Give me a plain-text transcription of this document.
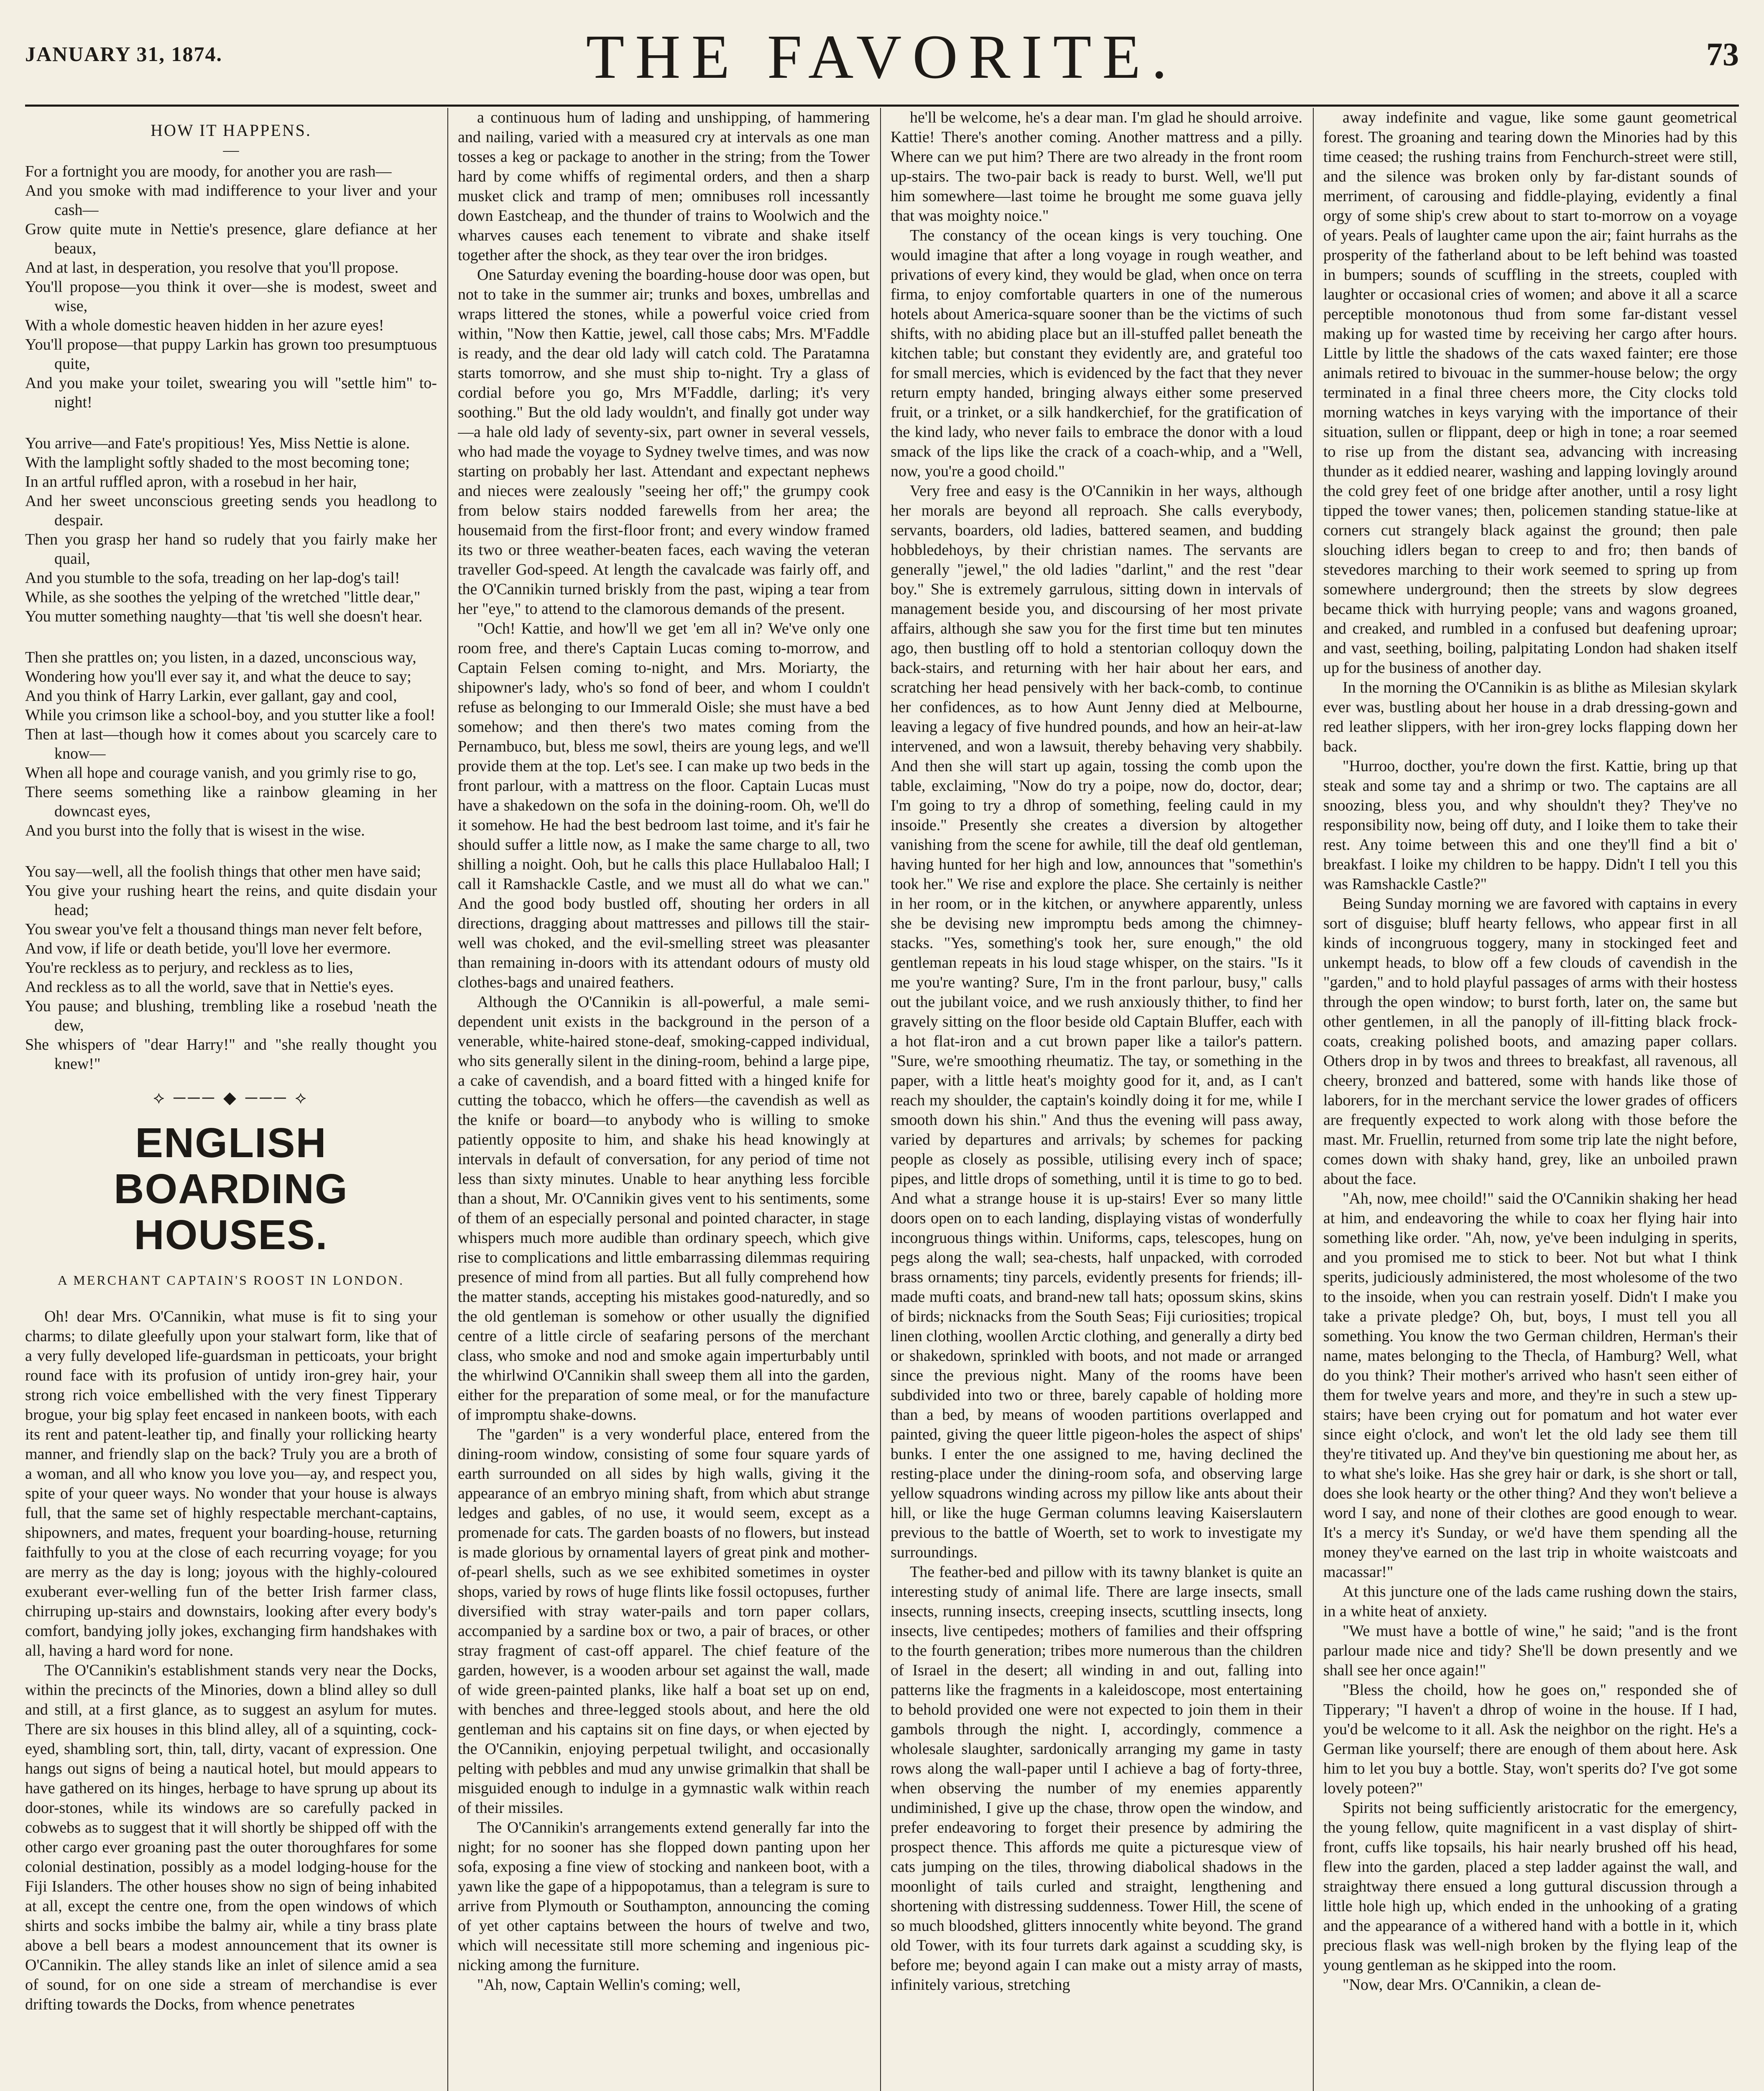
JANUARY 31, 1874.	THE FAVORITE.	73
HOW IT HAPPENS.
—
For a fortnight you are moody, for another you are rash—
And you smoke with mad indifference to your liver and your cash—
Grow quite mute in Nettie's presence, glare defiance at her beaux,
And at last, in desperation, you resolve that you'll propose.
You'll propose—you think it over—she is modest, sweet and wise,
With a whole domestic heaven hidden in her azure eyes!
You'll propose—that puppy Larkin has grown too presumptuous quite,
And you make your toilet, swearing you will "settle him" to-night!
You arrive—and Fate's propitious! Yes, Miss Nettie is alone.
With the lamplight softly shaded to the most becoming tone;
In an artful ruffled apron, with a rosebud in her hair,
And her sweet unconscious greeting sends you headlong to despair.
Then you grasp her hand so rudely that you fairly make her quail,
And you stumble to the sofa, treading on her lap-dog's tail!
While, as she soothes the yelping of the wretched "little dear,"
You mutter something naughty—that 'tis well she doesn't hear.
Then she prattles on; you listen, in a dazed, unconscious way,
Wondering how you'll ever say it, and what the deuce to say;
And you think of Harry Larkin, ever gallant, gay and cool,
While you crimson like a school-boy, and you stutter like a fool!
Then at last—though how it comes about you scarcely care to know—
When all hope and courage vanish, and you grimly rise to go,
There seems something like a rainbow gleaming in her downcast eyes,
And you burst into the folly that is wisest in the wise.
You say—well, all the foolish things that other men have said;
You give your rushing heart the reins, and quite disdain your head;
You swear you've felt a thousand things man never felt before,
And vow, if life or death betide, you'll love her evermore.
You're reckless as to perjury, and reckless as to lies,
And reckless as to all the world, save that in Nettie's eyes.
You pause; and blushing, trembling like a rosebud 'neath the dew,
She whispers of "dear Harry!" and "she really thought you knew!"
⟡ ─── ◆ ─── ⟡
ENGLISH BOARDING HOUSES.
A MERCHANT CAPTAIN'S ROOST IN LONDON.

Oh! dear Mrs. O'Cannikin, what muse is fit to sing your charms; to dilate gleefully upon your stalwart form, like that of a very fully developed life-guardsman in petticoats, your bright round face with its profusion of untidy iron-grey hair, your strong rich voice embellished with the very finest Tipperary brogue, your big splay feet encased in nankeen boots, with each its rent and patent-leather tip, and finally your rollicking hearty manner, and friendly slap on the back? Truly you are a broth of a woman, and all who know you love you—ay, and respect you, spite of your queer ways. No wonder that your house is always full, that the same set of highly respectable merchant-captains, shipowners, and mates, frequent your boarding-house, returning faithfully to you at the close of each recurring voyage; for you are merry as the day is long; joyous with the highly-coloured exuberant ever-welling fun of the better Irish farmer class, chirruping up-stairs and downstairs, looking after every body's comfort, bandying jolly jokes, exchanging firm handshakes with all, having a hard word for none.

The O'Cannikin's establishment stands very near the Docks, within the precincts of the Minories, down a blind alley so dull and still, at a first glance, as to suggest an asylum for mutes. There are six houses in this blind alley, all of a squinting, cock-eyed, shambling sort, thin, tall, dirty, vacant of expression. One hangs out signs of being a nautical hotel, but mould appears to have gathered on its hinges, herbage to have sprung up about its door-stones, while its windows are so carefully packed in cobwebs as to suggest that it will shortly be shipped off with the other cargo ever groaning past the outer thoroughfares for some colonial destination, possibly as a model lodging-house for the Fiji Islanders. The other houses show no sign of being inhabited at all, except the centre one, from the open windows of which shirts and socks imbibe the balmy air, while a tiny brass plate above a bell bears a modest announcement that its owner is O'Cannikin. The alley stands like an inlet of silence amid a sea of sound, for on one side a stream of merchandise is ever drifting towards the Docks, from whence penetrates

a continuous hum of lading and unshipping, of hammering and nailing, varied with a measured cry at intervals as one man tosses a keg or package to another in the string; from the Tower hard by come whiffs of regimental orders, and then a sharp musket click and tramp of men; omnibuses roll incessantly down Eastcheap, and the thunder of trains to Woolwich and the wharves causes each tenement to vibrate and shake itself together after the shock, as they tear over the iron bridges.

One Saturday evening the boarding-house door was open, but not to take in the summer air; trunks and boxes, umbrellas and wraps littered the stones, while a powerful voice cried from within, "Now then Kattie, jewel, call those cabs; Mrs. M'Faddle is ready, and the dear old lady will catch cold. The Paratamna starts tomorrow, and she must ship to-night. Try a glass of cordial before you go, Mrs M'Faddle, darling; it's very soothing." But the old lady wouldn't, and finally got under way—a hale old lady of seventy-six, part owner in several vessels, who had made the voyage to Sydney twelve times, and was now starting on probably her last. Attendant and expectant nephews and nieces were zealously "seeing her off;" the grumpy cook from below stairs nodded farewells from her area; the housemaid from the first-floor front; and every window framed its two or three weather-beaten faces, each waving the veteran traveller God-speed. At length the cavalcade was fairly off, and the O'Cannikin turned briskly from the past, wiping a tear from her "eye," to attend to the clamorous demands of the present.

"Och! Kattie, and how'll we get 'em all in? We've only one room free, and there's Captain Lucas coming to-morrow, and Captain Felsen coming to-night, and Mrs. Moriarty, the shipowner's lady, who's so fond of beer, and whom I couldn't refuse as belonging to our Immerald Oisle; she must have a bed somehow; and then there's two mates coming from the Pernambuco, but, bless me sowl, theirs are young legs, and we'll provide them at the top. Let's see. I can make up two beds in the front parlour, with a mattress on the floor. Captain Lucas must have a shakedown on the sofa in the doining-room. Oh, we'll do it somehow. He had the best bedroom last toime, and it's fair he should suffer a little now, as I make the same charge to all, two shilling a noight. Ooh, but he calls this place Hullabaloo Hall; I call it Ramshackle Castle, and we must all do what we can." And the good body bustled off, shouting her orders in all directions, dragging about mattresses and pillows till the stair-well was choked, and the evil-smelling street was pleasanter than remaining in-doors with its attendant odours of musty old clothes-bags and unaired feathers.

Although the O'Cannikin is all-powerful, a male semi-dependent unit exists in the background in the person of a venerable, white-haired stone-deaf, smoking-capped individual, who sits generally silent in the dining-room, behind a large pipe, a cake of cavendish, and a board fitted with a hinged knife for cutting the tobacco, which he offers—the cavendish as well as the knife or board—to anybody who is willing to smoke patiently opposite to him, and shake his head knowingly at intervals in default of conversation, for any period of time not less than sixty minutes. Unable to hear anything less forcible than a shout, Mr. O'Cannikin gives vent to his sentiments, some of them of an especially personal and pointed character, in stage whispers much more audible than ordinary speech, which give rise to complications and little embarrassing dilemmas requiring presence of mind from all parties. But all fully comprehend how the matter stands, accepting his mistakes good-naturedly, and so the old gentleman is somehow or other usually the dignified centre of a little circle of seafaring persons of the merchant class, who smoke and nod and smoke again imperturbably until the whirlwind O'Cannikin shall sweep them all into the garden, either for the preparation of some meal, or for the manufacture of impromptu shake-downs.

The "garden" is a very wonderful place, entered from the dining-room window, consisting of some four square yards of earth surrounded on all sides by high walls, giving it the appearance of an embryo mining shaft, from which abut strange ledges and gables, of no use, it would seem, except as a promenade for cats. The garden boasts of no flowers, but instead is made glorious by ornamental layers of great pink and mother-of-pearl shells, such as we see exhibited sometimes in oyster shops, varied by rows of huge flints like fossil octopuses, further diversified with stray water-pails and torn paper collars, accompanied by a sardine box or two, a pair of braces, or other stray fragment of cast-off apparel. The chief feature of the garden, however, is a wooden arbour set against the wall, made of wide green-painted planks, like half a boat set up on end, with benches and three-legged stools about, and here the old gentleman and his captains sit on fine days, or when ejected by the O'Cannikin, enjoying perpetual twilight, and occasionally pelting with pebbles and mud any unwise grimalkin that shall be misguided enough to indulge in a gymnastic walk within reach of their missiles.

The O'Cannikin's arrangements extend generally far into the night; for no sooner has she flopped down panting upon her sofa, exposing a fine view of stocking and nankeen boot, with a yawn like the gape of a hippopotamus, than a telegram is sure to arrive from Plymouth or Southampton, announcing the coming of yet other captains between the hours of twelve and two, which will necessitate still more scheming and ingenious pic-nicking among the furniture.

"Ah, now, Captain Wellin's coming; well,

he'll be welcome, he's a dear man. I'm glad he should arroive. Kattie! There's another coming. Another mattress and a pilly. Where can we put him? There are two already in the front room up-stairs. The two-pair back is ready to burst. Well, we'll put him somewhere—last toime he brought me some guava jelly that was moighty noice."

The constancy of the ocean kings is very touching. One would imagine that after a long voyage in rough weather, and privations of every kind, they would be glad, when once on terra firma, to enjoy comfortable quarters in one of the numerous hotels about America-square sooner than be the victims of such shifts, with no abiding place but an ill-stuffed pallet beneath the kitchen table; but constant they evidently are, and grateful too for small mercies, which is evidenced by the fact that they never return empty handed, bringing always either some preserved fruit, or a trinket, or a silk handkerchief, for the gratification of the kind lady, who never fails to embrace the donor with a loud smack of the lips like the crack of a coach-whip, and a "Well, now, you're a good choild."

Very free and easy is the O'Cannikin in her ways, although her morals are beyond all reproach. She calls everybody, servants, boarders, old ladies, battered seamen, and budding hobbledehoys, by their christian names. The servants are generally "jewel," the old ladies "darlint," and the rest "dear boy." She is extremely garrulous, sitting down in intervals of management beside you, and discoursing of her most private affairs, although she saw you for the first time but ten minutes ago, then bustling off to hold a stentorian colloquy down the back-stairs, and returning with her hair about her ears, and scratching her head pensively with her back-comb, to continue her confidences, as to how Aunt Jenny died at Melbourne, leaving a legacy of five hundred pounds, and how an heir-at-law intervened, and won a lawsuit, thereby behaving very shabbily. And then she will start up again, tossing the comb upon the table, exclaiming, "Now do try a poipe, now do, doctor, dear; I'm going to try a dhrop of something, feeling cauld in my insoide." Presently she creates a diversion by altogether vanishing from the scene for awhile, till the deaf old gentleman, having hunted for her high and low, announces that "somethin's took her." We rise and explore the place. She certainly is neither in her room, or in the kitchen, or anywhere apparently, unless she be devising new impromptu beds among the chimney-stacks. "Yes, something's took her, sure enough," the old gentleman repeats in his loud stage whisper, on the stairs. "Is it me you're wanting? Sure, I'm in the front parlour, busy," calls out the jubilant voice, and we rush anxiously thither, to find her gravely sitting on the floor beside old Captain Bluffer, each with a hot flat-iron and a cut brown paper like a tailor's pattern. "Sure, we're smoothing rheumatiz. The tay, or something in the paper, with a little heat's moighty good for it, and, as I can't reach my shoulder, the captain's koindly doing it for me, while I smooth down his shin." And thus the evening will pass away, varied by departures and arrivals; by schemes for packing people as closely as possible, utilising every inch of space; pipes, and little drops of something, until it is time to go to bed. And what a strange house it is up-stairs! Ever so many little doors open on to each landing, displaying vistas of wonderfully incongruous things within. Uniforms, caps, telescopes, hung on pegs along the wall; sea-chests, half unpacked, with corroded brass ornaments; tiny parcels, evidently presents for friends; ill-made mufti coats, and brand-new tall hats; opossum skins, skins of birds; nicknacks from the South Seas; Fiji curiosities; tropical linen clothing, woollen Arctic clothing, and generally a dirty bed or shakedown, sprinkled with boots, and not made or arranged since the previous night. Many of the rooms have been subdivided into two or three, barely capable of holding more than a bed, by means of wooden partitions overlapped and painted, giving the queer little pigeon-holes the aspect of ships' bunks. I enter the one assigned to me, having declined the resting-place under the dining-room sofa, and observing large yellow squadrons winding across my pillow like ants about their hill, or like the huge German columns leaving Kaiserslautern previous to the battle of Woerth, set to work to investigate my surroundings.

The feather-bed and pillow with its tawny blanket is quite an interesting study of animal life. There are large insects, small insects, running insects, creeping insects, scuttling insects, long insects, live centipedes; mothers of families and their offspring to the fourth generation; tribes more numerous than the children of Israel in the desert; all winding in and out, falling into patterns like the fragments in a kaleidoscope, most entertaining to behold provided one were not expected to join them in their gambols through the night. I, accordingly, commence a wholesale slaughter, sardonically arranging my game in tasty rows along the wall-paper until I achieve a bag of forty-three, when observing the number of my enemies apparently undiminished, I give up the chase, throw open the window, and prefer endeavoring to forget their presence by admiring the prospect thence. This affords me quite a picturesque view of cats jumping on the tiles, throwing diabolical shadows in the moonlight of tails curled and straight, lengthening and shortening with distressing suddenness. Tower Hill, the scene of so much bloodshed, glitters innocently white beyond. The grand old Tower, with its four turrets dark against a scudding sky, is before me; beyond again I can make out a misty array of masts, infinitely various, stretching

away indefinite and vague, like some gaunt geometrical forest. The groaning and tearing down the Minories had by this time ceased; the rushing trains from Fenchurch-street were still, and the silence was broken only by far-distant sounds of merriment, of carousing and fiddle-playing, evidently a final orgy of some ship's crew about to start to-morrow on a voyage of years. Peals of laughter came upon the air; faint hurrahs as the prosperity of the fatherland about to be left behind was toasted in bumpers; sounds of scuffling in the streets, coupled with laughter or occasional cries of women; and above it all a scarce perceptible monotonous thud from some far-distant vessel making up for wasted time by receiving her cargo after hours. Little by little the shadows of the cats waxed fainter; ere those animals retired to bivouac in the summer-house below; the orgy terminated in a final three cheers more, the City clocks told morning watches in keys varying with the importance of their situation, sullen or flippant, deep or high in tone; a roar seemed to rise up from the distant sea, advancing with increasing thunder as it eddied nearer, washing and lapping lovingly around the cold grey feet of one bridge after another, until a rosy light tipped the tower vanes; then, policemen standing statue-like at corners cut strangely black against the ground; then pale slouching idlers began to creep to and fro; then bands of stevedores marching to their work seemed to spring up from somewhere underground; then the streets by slow degrees became thick with hurrying people; vans and wagons groaned, and creaked, and rumbled in a confused but deafening uproar; and vast, seething, boiling, palpitating London had shaken itself up for the business of another day.

In the morning the O'Cannikin is as blithe as Milesian skylark ever was, bustling about her house in a drab dressing-gown and red leather slippers, with her iron-grey locks flapping down her back.

"Hurroo, docther, you're down the first. Kattie, bring up that steak and some tay and a shrimp or two. The captains are all snoozing, bless you, and why shouldn't they? They've no responsibility now, being off duty, and I loike them to take their rest. Any toime between this and one they'll find a bit o' breakfast. I loike my children to be happy. Didn't I tell you this was Ramshackle Castle?"

Being Sunday morning we are favored with captains in every sort of disguise; bluff hearty fellows, who appear first in all kinds of incongruous toggery, many in stockinged feet and unkempt heads, to blow off a few clouds of cavendish in the "garden," and to hold playful passages of arms with their hostess through the open window; to burst forth, later on, the same but other gentlemen, in all the panoply of ill-fitting black frock-coats, creaking polished boots, and amazing paper collars. Others drop in by twos and threes to breakfast, all ravenous, all cheery, bronzed and battered, some with hands like those of laborers, for in the merchant service the lower grades of officers are frequently expected to work along with those before the mast. Mr. Fruellin, returned from some trip late the night before, comes down with shaky hand, grey, like an unboiled prawn about the face.

"Ah, now, mee choild!" said the O'Cannikin shaking her head at him, and endeavoring the while to coax her flying hair into something like order. "Ah, now, ye've been indulging in sperits, and you promised me to stick to beer. Not but what I think sperits, judiciously administered, the most wholesome of the two to the insoide, when you can restrain yoself. Didn't I make you take a private pledge? Oh, but, boys, I must tell you all something. You know the two German children, Herman's their name, mates belonging to the Thecla, of Hamburg? Well, what do you think? Their mother's arrived who hasn't seen either of them for twelve years and more, and they're in such a stew up-stairs; have been crying out for pomatum and hot water ever since eight o'clock, and won't let the old lady see them till they're titivated up. And they've bin questioning me about her, as to what she's loike. Has she grey hair or dark, is she short or tall, does she look hearty or the other thing? And they won't believe a word I say, and none of their clothes are good enough to wear. It's a mercy it's Sunday, or we'd have them spending all the money they've earned on the last trip in whoite waistcoats and macassar!"

At this juncture one of the lads came rushing down the stairs, in a white heat of anxiety.

"We must have a bottle of wine," he said; "and is the front parlour made nice and tidy? She'll be down presently and we shall see her once again!"

"Bless the choild, how he goes on," responded she of Tipperary; "I haven't a dhrop of woine in the house. If I had, you'd be welcome to it all. Ask the neighbor on the right. He's a German like yourself; there are enough of them about here. Ask him to let you buy a bottle. Stay, won't sperits do? I've got some lovely poteen?"

Spirits not being sufficiently aristocratic for the emergency, the young fellow, quite magnificent in a vast display of shirt-front, cuffs like topsails, his hair nearly brushed off his head, flew into the garden, placed a step ladder against the wall, and straightway there ensued a long guttural discussion through a little hole high up, which ended in the unhooking of a grating and the appearance of a withered hand with a bottle in it, which precious flask was well-nigh broken by the flying leap of the young gentleman as he skipped into the room.

"Now, dear Mrs. O'Cannikin, a clean de-
